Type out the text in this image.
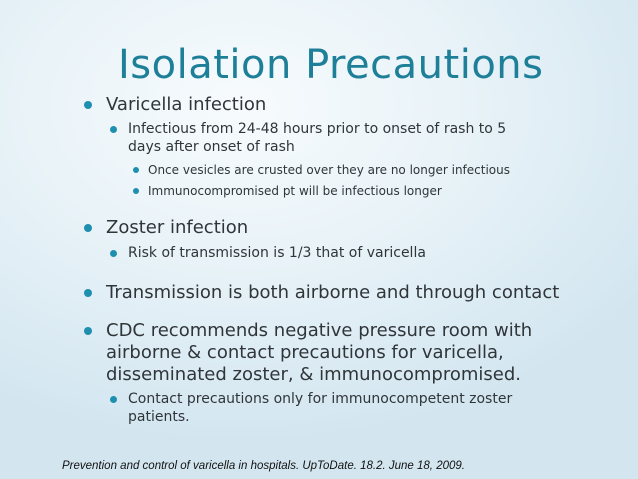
Isolation Precautions
Varicella infection
Infectious from 24-48 hours prior to onset of rash to 5
days after onset of rash
Once vesicles are crusted over they are no longer infectious
Immunocompromised pt will be infectious longer
Zoster infection
Risk of transmission is 1/3 that of varicella
Transmission is both airborne and through contact
CDC recommends negative pressure room with
airborne & contact precautions for varicella,
disseminated zoster, & immunocompromised.
Contact precautions only for immunocompetent zoster
patients.
Prevention and control of varicella in hospitals. UpToDate. 18.2. June 18, 2009.
